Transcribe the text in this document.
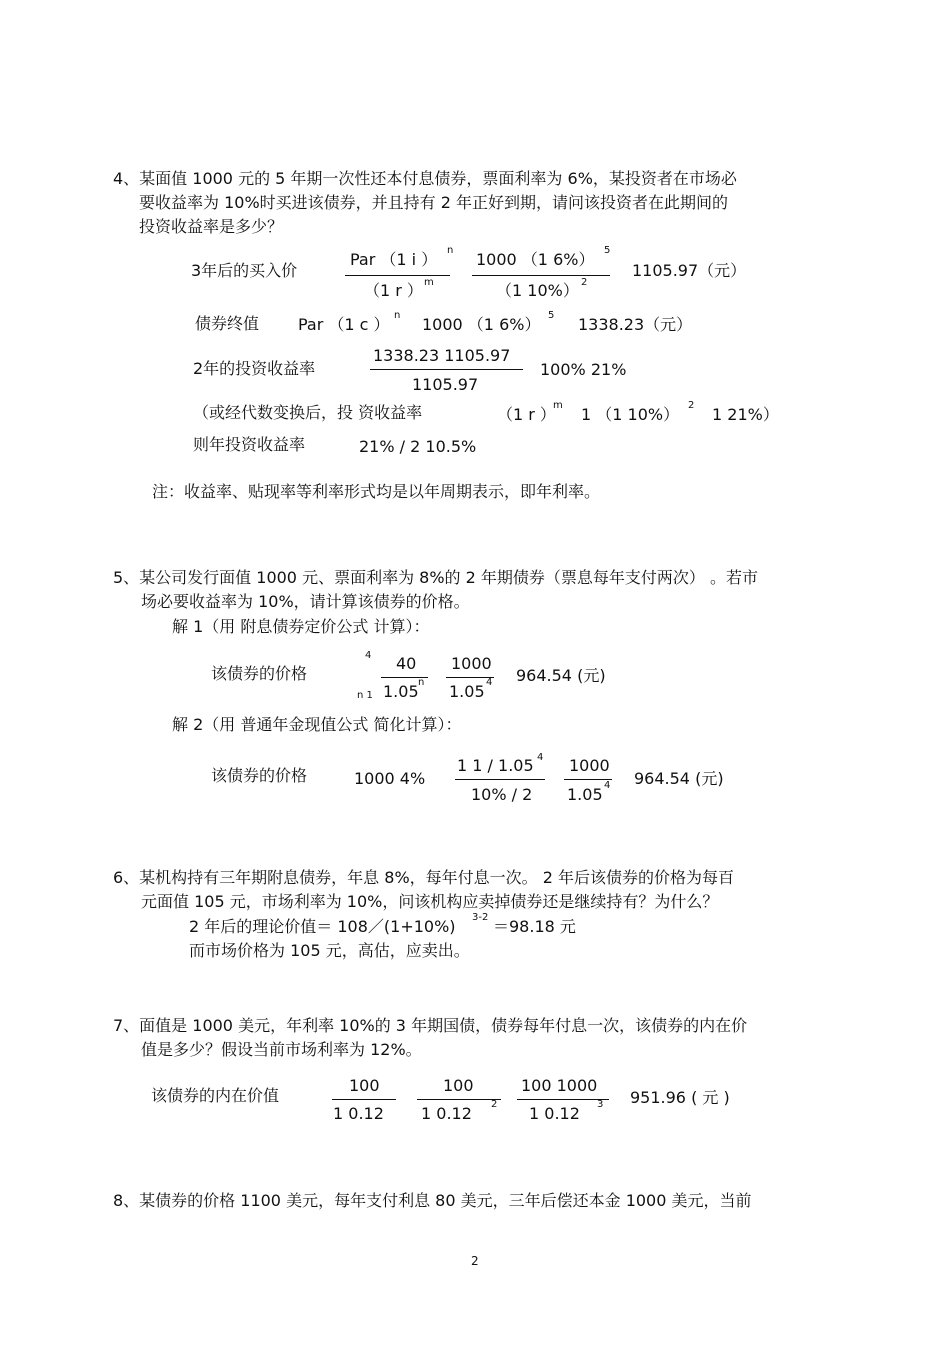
4、某面值 1000 元的 5 年期一次性还本付息债券，票面利率为 6%，某投资者在市场必
要收益率为 10%时买进该债券，并且持有 2 年正好到期，请问该投资者在此期间的
投资收益率是多少？
3年后的买入价
Par （1 i ） n
（1 r ） m
1000 （1 6%） 5
（1 10%） 2
1105.97（元）
债券终值 Par （1 c ） n 1000 （1 6%） 5 1338.23（元）
2年的投资收益率
1338.23 1105.97
1105.97
100% 21%
（或经代数变换后，投 资收益率	（1 r ）
m 1 （1 10%） 2 1 21%）
则年投资收益率	21% / 2 10.5%
注：收益率、贴现率等利率形式均是以年周期表示，即年利率。
5、某公司发行面值 1000 元、票面利率为 8%的 2 年期债券（票息每年支付两次） 。若市
场必要收益率为 10%，请计算该债券的价格。
解 1（用 附息债券定价公式 计算）：
该债券的价格
4
n 1
40
1.05 n
1000
1.05 4 964.54 (元)
解 2（用 普通年金现值公式 简化计算）：
该债券的价格	1000 4%
1 1 / 1.05 4
10% / 2
1000
1.05 4 964.54 (元)
6、某机构持有三年期附息债券，年息 8%，每年付息一次。 2 年后该债券的价格为每百
元面值 105 元，市场利率为 10%，问该机构应卖掉债券还是继续持有？为什么？
2 年后的理论价值＝ 108／(1+10%) 3-2 ＝98.18 元
而市场价格为 105 元，高估，应卖出。
7、面值是 1000 美元，年利率 10%的 3 年期国债，债券每年付息一次，该债券的内在价
值是多少？假设当前市场利率为 12%。
该债券的内在价值
100
1 0.12
100
1 0.12 2
100 1000
1 0.12 3 951.96 ( 元 )
8、某债券的价格 1100 美元，每年支付利息 80 美元，三年后偿还本金 1000 美元，当前
2
